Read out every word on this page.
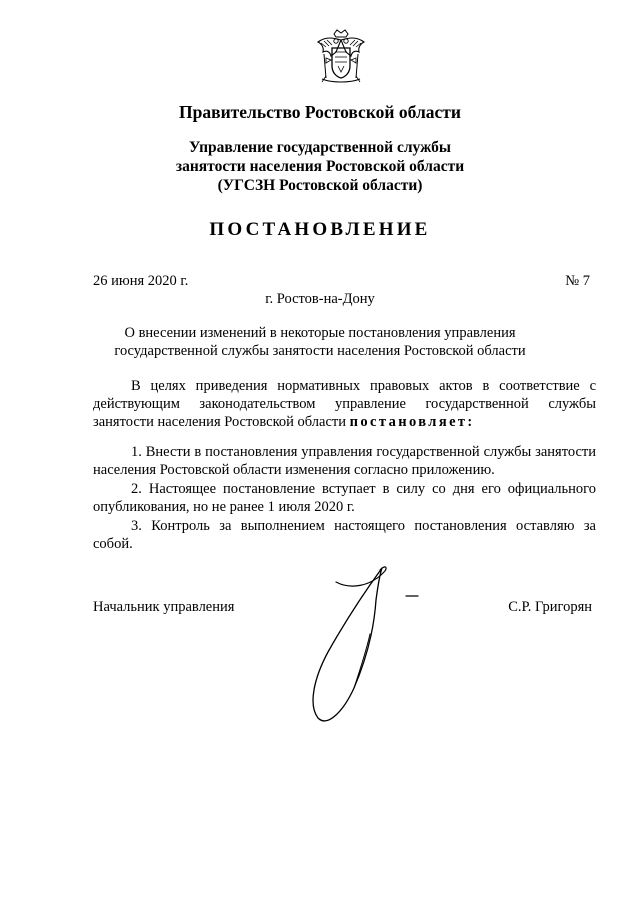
Правительство Ростовской области
Управление государственной службы
занятости населения Ростовской области
(УГСЗН Ростовской области)
ПОСТАНОВЛЕНИЕ
26 июня 2020 г.	№ 7
г. Ростов-на-Дону
О внесении изменений в некоторые постановления управления
государственной службы занятости населения Ростовской области
В целях приведения нормативных правовых актов в соответствие с действующим законодательством управление государственной службы занятости населения Ростовской области постановляет:
1. Внести в постановления управления государственной службы занятости населения Ростовской области изменения согласно приложению.
2. Настоящее постановление вступает в силу со дня его официального опубликования, но не ранее 1 июля 2020 г.
3. Контроль за выполнением настоящего постановления оставляю за собой.
Начальник управления	С.Р. Григорян
